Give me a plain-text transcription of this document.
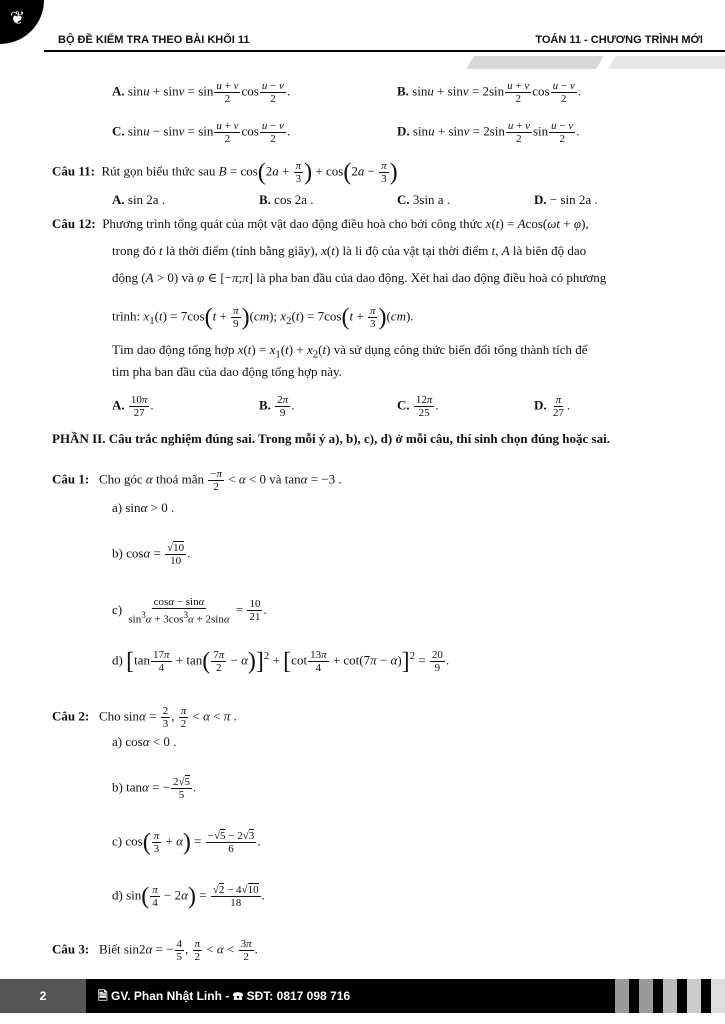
❦
BỘ ĐỀ KIỂM TRA THEO BÀI KHỐI 11	TOÁN 11 - CHƯƠNG TRÌNH MỚI
A. $\sin u + \sin v = \sin \frac{u + v}{2}$ $\cos \frac{u - v}{2}$ .	B. $\sin u + \sin v = 2\sin \frac{u + v}{2}$ $\cos \frac{u - v}{2}$ .
C. $\sin u - \sin v = \sin \frac{u + v}{2}$ $\cos \frac{u - v}{2}$ .	D. $\sin u + \sin v = 2\sin \frac{u + v}{2}$ $\sin \frac{u - v}{2}$ .
Câu 11: Rút gọn biểu thức sau $B = \cos(2a + \frac{\pi}{3}$ ) + $\cos(2a - \frac{\pi}{3}$ )
A. sin 2a .	B. cos 2a .	C. 3sin a .	D. − sin 2a .
Câu 12: Phương trình tổng quát của một vật dao động điều hoà cho bởi công thức x(t) = Acos(ωt + φ),
trong đó t là thời điểm (tính bằng giây), x(t) là li độ của vật tại thời điểm t, A là biên độ dao
động (A > 0) và φ ∈ [−π;π] là pha ban đầu của dao động. Xét hai dao động điều hoà có phương
trình: $x_1(t) = 7\cos(t + \frac{\pi}{9} )(cm)$; $x_2(t) = 7\cos(t + \frac{\pi}{3} )(cm)$.
Tìm dao động tổng hợp $x(t) = x_1(t) + x_2(t)$ và sử dụng công thức biến đổi tổng thành tích để
tìm pha ban đầu của dao động tổng hợp này.
A. $\frac{10\pi}{27}$ .	B. $\frac{2\pi}{9}$ .	C. $\frac{12\pi}{25}$ .	D. $\frac{\pi}{27}$ .
PHẦN II. Câu trắc nghiệm đúng sai. Trong mỗi ý a), b), c), d) ở mỗi câu, thí sinh chọn đúng hoặc sai.
Câu 1: Cho góc α thoả mãn $\frac{-\pi}{2} < \alpha < 0$ và tanα = −3 .
a) sinα > 0 .
b) $\cos\alpha = \frac{√10}{10}$ .
$c) \frac{\cos\alpha - \sin\alpha}{\sin^3\alpha + 3\cos^3\alpha + 2\sin\alpha} = \frac{10}{21}$ .
d) $[\tan \frac{17\pi}{4} + \tan( \frac{7\pi}{2} - \alpha)]^2 + [\cot \frac{13\pi}{4} + \cot(7\pi - \alpha)]^2 = \frac{20}{9}$ .
Câu 2: Cho $\sin\alpha = \frac{2}{3}$ , $\frac{\pi}{2} < \alpha < \pi$ .
a) cosα < 0 .
b) tanα = − $\frac{2√5}{5}$ .
c) $\cos( \frac{\pi}{3} + \alpha) = \frac{-√5 - 2√3}{6}$ .
d) $\sin( \frac{\pi}{4} - 2\alpha) = \frac{√2 - 4√10}{18}$ .
Câu 3: Biết sin2α = − $\frac{4}{5}$ , $\frac{\pi}{2} < \alpha < \frac{3\pi}{2}$ .
2	🗎 GV. Phan Nhật Linh - ☎ SĐT: 0817 098 716
